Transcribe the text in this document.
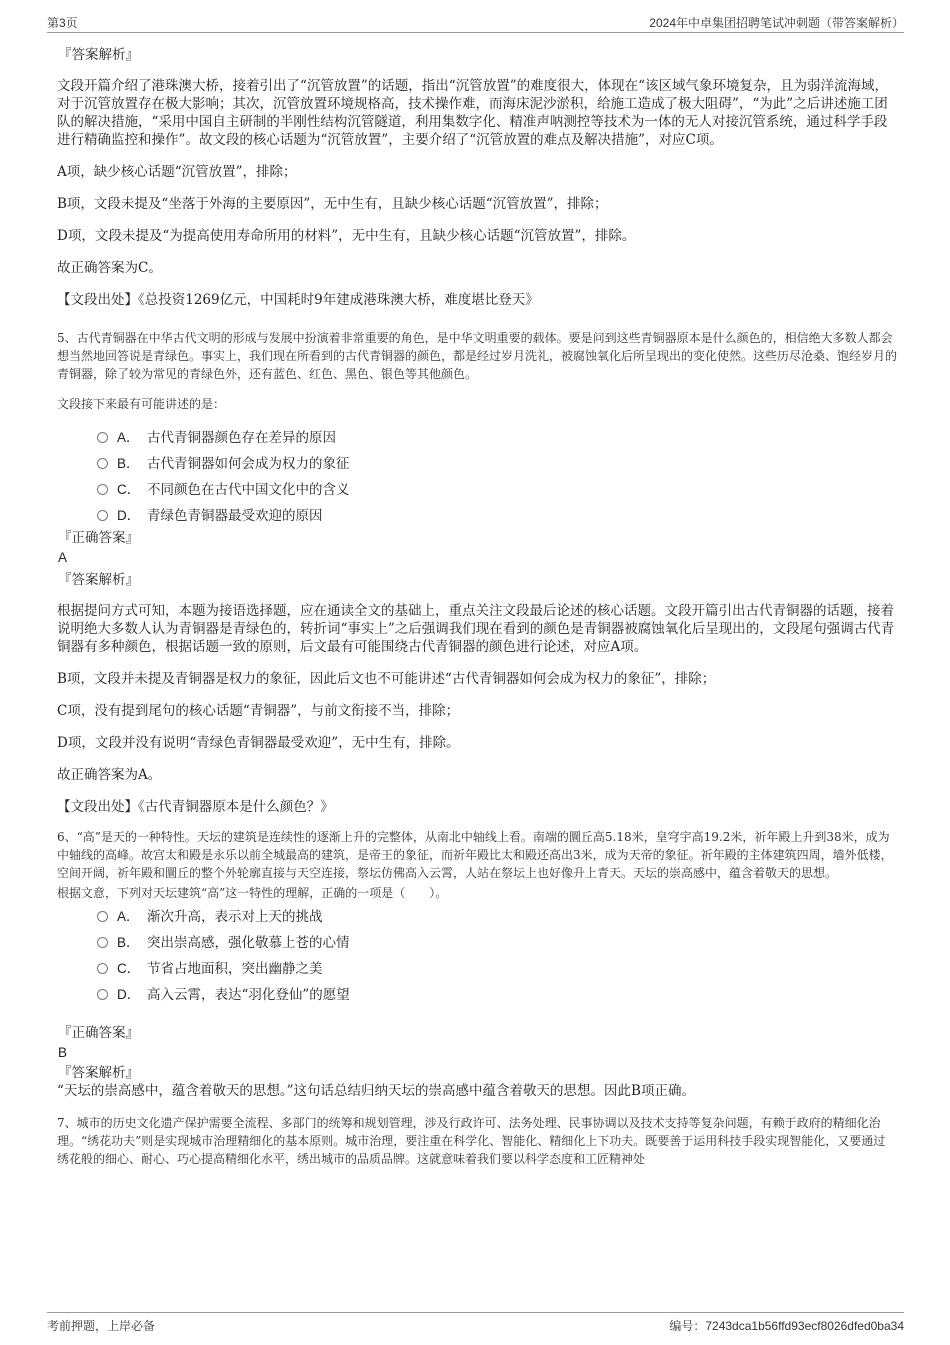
第3页	2024年中卓集团招聘笔试冲刺题（带答案解析）
『答案解析』

文段开篇介绍了港珠澳大桥，接着引出了“沉管放置”的话题，指出“沉管放置”的难度很大，体现在“该区域气象环境复杂，且为弱洋流海域，对于沉管放置存在极大影响；其次，沉管放置环境规格高，技术操作难，而海床泥沙淤积，给施工造成了极大阻碍”，“为此”之后讲述施工团队的解决措施，“采用中国自主研制的半刚性结构沉管隧道，利用集数字化、精准声呐测控等技术为一体的无人对接沉管系统，通过科学手段进行精确监控和操作”。故文段的核心话题为“沉管放置”，主要介绍了“沉管放置的难点及解决措施”，对应C项。

A项，缺少核心话题“沉管放置”，排除；

B项，文段未提及“坐落于外海的主要原因”，无中生有，且缺少核心话题“沉管放置”，排除；

D项，文段未提及“为提高使用寿命所用的材料”，无中生有，且缺少核心话题“沉管放置”，排除。

故正确答案为C。

【文段出处】《总投资1269亿元，中国耗时9年建成港珠澳大桥，难度堪比登天》

5、古代青铜器在中华古代文明的形成与发展中扮演着非常重要的角色，是中华文明重要的载体。要是问到这些青铜器原本是什么颜色的，相信绝大多数人都会想当然地回答说是青绿色。事实上，我们现在所看到的古代青铜器的颜色，都是经过岁月洗礼，被腐蚀氧化后所呈现出的变化使然。这些历尽沧桑、饱经岁月的青铜器，除了较为常见的青绿色外，还有蓝色、红色、黑色、银色等其他颜色。

文段接下来最有可能讲述的是：

A． 古代青铜器颜色存在差异的原因
B． 古代青铜器如何会成为权力的象征
C． 不同颜色在古代中国文化中的含义
D． 青绿色青铜器最受欢迎的原因
『正确答案』
A
『答案解析』

根据提问方式可知，本题为接语选择题，应在通读全文的基础上，重点关注文段最后论述的核心话题。文段开篇引出古代青铜器的话题，接着说明绝大多数人认为青铜器是青绿色的，转折词“事实上”之后强调我们现在看到的颜色是青铜器被腐蚀氧化后呈现出的，文段尾句强调古代青铜器有多种颜色，根据话题一致的原则，后文最有可能围绕古代青铜器的颜色进行论述，对应A项。

B项，文段并未提及青铜器是权力的象征，因此后文也不可能讲述“古代青铜器如何会成为权力的象征”，排除；

C项，没有提到尾句的核心话题“青铜器”，与前文衔接不当，排除；

D项，文段并没有说明“青绿色青铜器最受欢迎”，无中生有，排除。

故正确答案为A。

【文段出处】《古代青铜器原本是什么颜色？》

6、“高”是天的一种特性。天坛的建筑是连续性的逐渐上升的完整体，从南北中轴线上看。南端的圜丘高5.18米，皇穹宇高19.2米，祈年殿上升到38米，成为中轴线的高峰。故宫太和殿是永乐以前全城最高的建筑，是帝王的象征，而祈年殿比太和殿还高出3米，成为天帝的象征。祈年殿的主体建筑四周，墙外低楼，空间开阔，祈年殿和圜丘的整个外轮廓直接与天空连接，祭坛仿佛高入云霄，人站在祭坛上也好像升上青天。天坛的崇高感中，蕴含着敬天的思想。

根据文意，下列对天坛建筑“高”这一特性的理解，正确的一项是（　　）。

A． 渐次升高，表示对上天的挑战
B． 突出崇高感，强化敬慕上苍的心情
C． 节省占地面积，突出幽静之美
D． 高入云霄，表达“羽化登仙”的愿望
『正确答案』
B
『答案解析』

“天坛的崇高感中，蕴含着敬天的思想。”这句话总结归纳天坛的崇高感中蕴含着敬天的思想。因此B项正确。

7、城市的历史文化遗产保护需要全流程、多部门的统筹和规划管理，涉及行政许可、法务处理、民事协调以及技术支持等复杂问题，有赖于政府的精细化治理。“绣花功夫”则是实现城市治理精细化的基本原则。城市治理，要注重在科学化、智能化、精细化上下功夫。既要善于运用科技手段实现智能化，又要通过绣花般的细心、耐心、巧心提高精细化水平，绣出城市的品质品牌。这就意味着我们要以科学态度和工匠精神处

考前押题，上岸必备	编号：7243dca1b56ffd93ecf8026dfed0ba34
